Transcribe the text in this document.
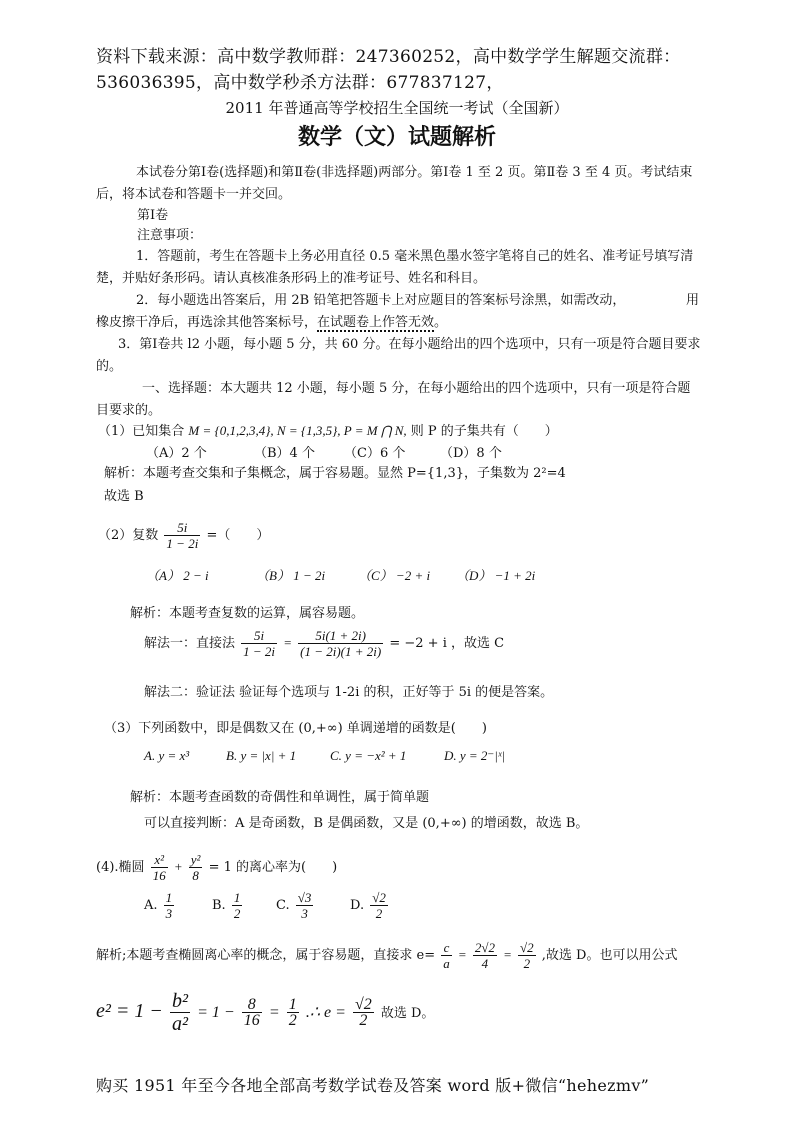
资料下载来源：高中数学教师群：247360252，高中数学学生解题交流群：
536036395，高中数学秒杀方法群：677837127，
2011 年普通高等学校招生全国统一考试（全国新）
数学（文）试题解析
本试卷分第Ⅰ卷(选择题)和第Ⅱ卷(非选择题)两部分。第Ⅰ卷 1 至 2 页。第Ⅱ卷 3 至 4 页。考试结束后，将本试卷和答题卡一并交回。
第Ⅰ卷
注意事项：
1．答题前，考生在答题卡上务必用直径 0.5 毫米黑色墨水签字笔将自己的姓名、准考证号填写清楚，并贴好条形码。请认真核准条形码上的准考证号、姓名和科目。
2．每小题选出答案后，用 2B 铅笔把答题卡上对应题目的答案标号涂黑，如需改动，	用
橡皮擦干净后，再选涂其他答案标号，在试题卷上作答无效。
3．第Ⅰ卷共 l2 小题，每小题 5 分，共 60 分。在每小题给出的四个选项中，只有一项是符合题目要求的。
一、选择题：本大题共 12 小题，每小题 5 分，在每小题给出的四个选项中，只有一项是符合题目要求的。
（1）已知集合 M = {0,1,2,3,4}, N = {1,3,5}, P = M ⋂ N, 则 P 的子集共有（　　）
（A）2 个	（B）4 个 （C）6 个	（D）8 个
解析：本题考查交集和子集概念，属于容易题。显然 P={1,3}，子集数为 2²=4
故选 B
（2）复数 $\frac{5i}{1 - 2i}$ =（　　）
（A） 2 − i	（B） 1 − 2i	（C） −2 + i （D） −1 + 2i
解析：本题考查复数的运算，属容易题。
解法一：直接法 $\frac{5i}{1 - 2i} = \frac{5i(1 + 2i)}{(1 - 2i)(1 + 2i)} = -2 + i$ ，故选 C
解法二：验证法 验证每个选项与 1-2i 的积，正好等于 5i 的便是答案。
（3）下列函数中，即是偶数又在 (0,+∞) 单调递增的函数是(　　)
A. y = x³	B. y = |x| + 1	C. y = −x² + 1	D. y = 2⁻|ˣ|
解析：本题考查函数的奇偶性和单调性，属于简单题
可以直接判断：A 是奇函数，B 是偶函数，又是 (0,+∞) 的增函数，故选 B。
(4).椭圆 $\frac{\text{x²}}{16} + \frac{\text{y²}}{8} = 1$ 的离心率为(　　)
A. $\frac{1}{3}$	B. $\frac{1}{2}$	C. $\frac{√3}{3}$	D. $\frac{√2}{2}$
解析;本题考查椭圆离心率的概念，属于容易题，直接求 $e= \frac{c}{a} = \frac{2√2}{4} = \frac{√2}{2}$ ,故选 D。也可以用公式
$e^2 = 1 - \frac{\text{b²}}{\text{a²}} = 1 - \frac{8}{16} = \frac{1}{2}$ .∴ $e = \frac{√2}{2}$ 故选 D。
购买 1951 年至今各地全部高考数学试卷及答案 word 版+微信“hehezmv”
